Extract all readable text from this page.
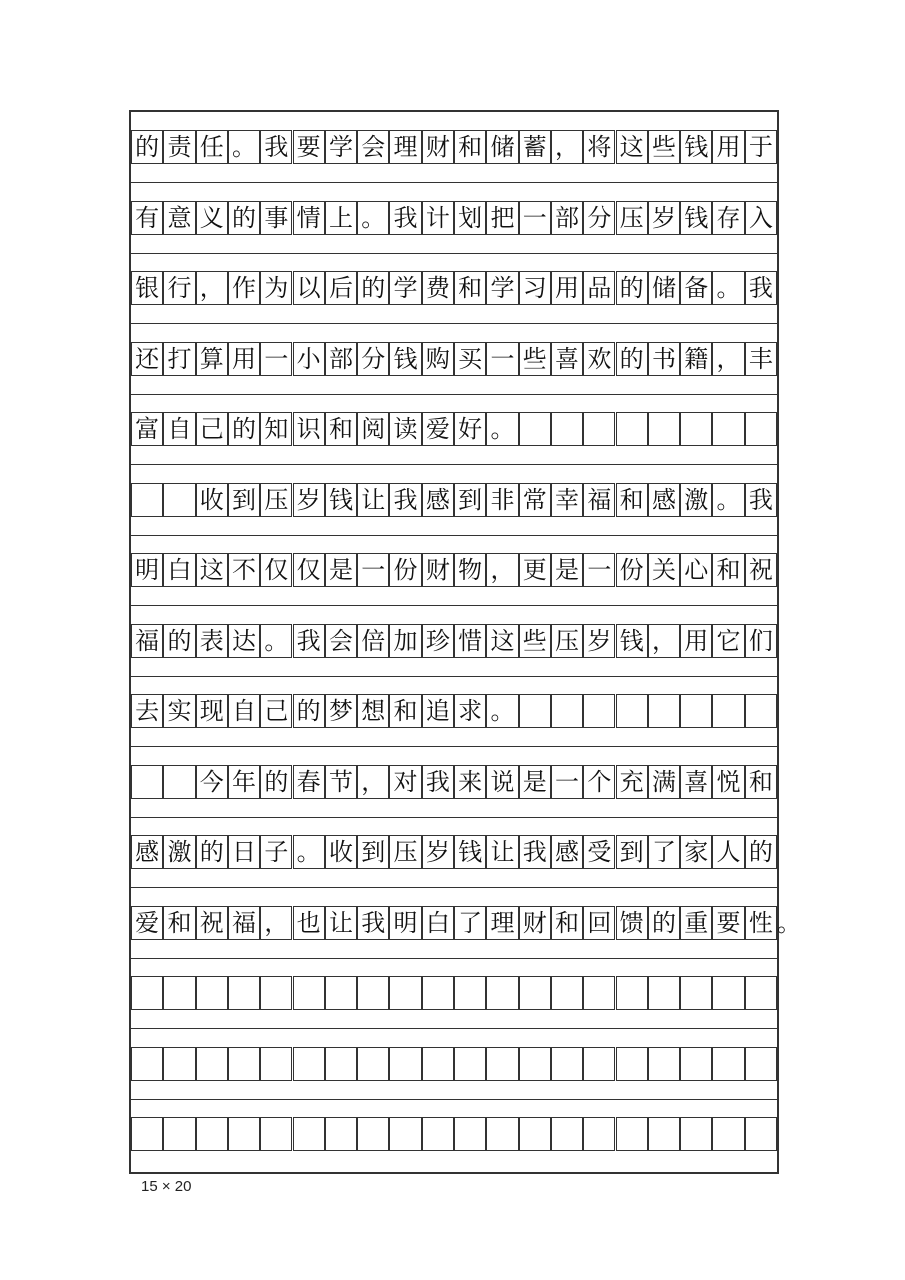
的 责 任 。 我 要 学 会 理 财 和 储 蓄 ， 将 这 些 钱 用 于
有 意 义 的 事 情 上 。 我 计 划 把 一 部 分 压 岁 钱 存 入
银 行 ， 作 为 以 后 的 学 费 和 学 习 用 品 的 储 备 。 我
还 打 算 用 一 小 部 分 钱 购 买 一 些 喜 欢 的 书 籍 ， 丰
富 自 己 的 知 识 和 阅 读 爱 好 。
收 到 压 岁 钱 让 我 感 到 非 常 幸 福 和 感 激 。 我
明 白 这 不 仅 仅 是 一 份 财 物 ， 更 是 一 份 关 心 和 祝
福 的 表 达 。 我 会 倍 加 珍 惜 这 些 压 岁 钱 ， 用 它 们
去 实 现 自 己 的 梦 想 和 追 求 。
今 年 的 春 节 ， 对 我 来 说 是 一 个 充 满 喜 悦 和
感 激 的 日 子 。 收 到 压 岁 钱 让 我 感 受 到 了 家 人 的
爱 和 祝 福 ， 也 让 我 明 白 了 理 财 和 回 馈 的 重 要 性 。
15 × 20
